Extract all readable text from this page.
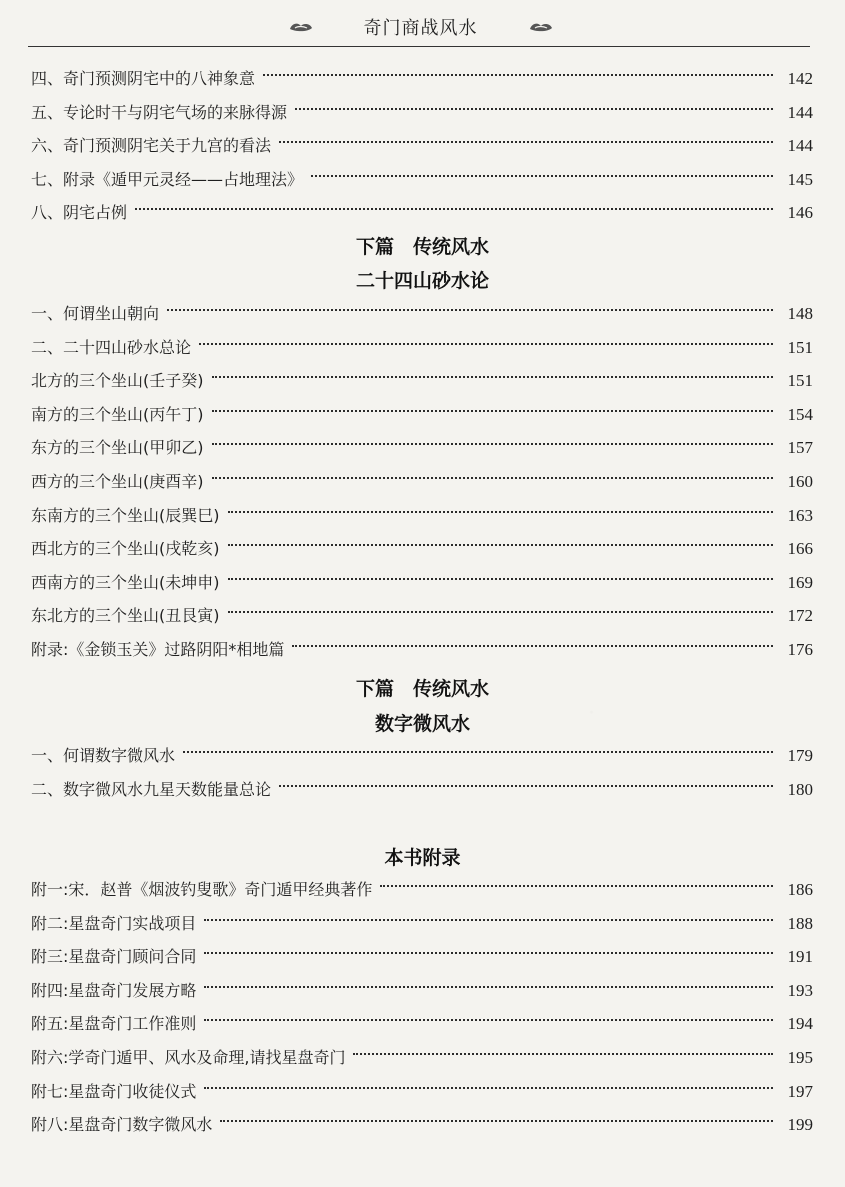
奇门商战风水
四、奇门预测阴宅中的八神象意	142
五、专论时干与阴宅气场的来脉得源	144
六、奇门预测阴宅关于九宫的看法	144
七、附录《遁甲元灵经——占地理法》	145
八、阴宅占例	146
下篇　传统风水
二十四山砂水论
一、何谓坐山朝向	148
二、二十四山砂水总论	151
北方的三个坐山(壬子癸)	151
南方的三个坐山(丙午丁)	154
东方的三个坐山(甲卯乙)	157
西方的三个坐山(庚酉辛)	160
东南方的三个坐山(辰巽巳)	163
西北方的三个坐山(戌乾亥)	166
西南方的三个坐山(未坤申)	169
东北方的三个坐山(丑艮寅)	172
附录:《金锁玉关》过路阴阳*相地篇	176
下篇　传统风水
数字微风水
一、何谓数字微风水	179
二、数字微风水九星天数能量总论	180
本书附录
附一:宋．赵普《烟波钓叟歌》奇门遁甲经典著作	186
附二:星盘奇门实战项目	188
附三:星盘奇门顾问合同	191
附四:星盘奇门发展方略	193
附五:星盘奇门工作准则	194
附六:学奇门遁甲、风水及命理,请找星盘奇门	195
附七:星盘奇门收徒仪式	197
附八:星盘奇门数字微风水	199
